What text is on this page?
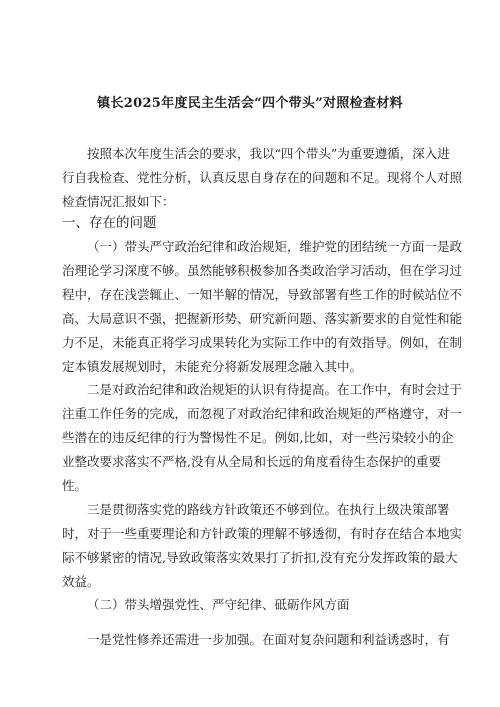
镇长2025年度民主生活会“四个带头”对照检查材料
按照本次年度生活会的要求，我以“四个带头”为重要遵循，深入进行自我检查、党性分析，认真反思自身存在的问题和不足。现将个人对照检查情况汇报如下：
一、存在的问题
（一）带头严守政治纪律和政治规矩，维护党的团结统一方面一是政治理论学习深度不够。虽然能够积极参加各类政治学习活动，但在学习过程中，存在浅尝辄止、一知半解的情况，导致部署有些工作的时候站位不高、大局意识不强，把握新形势、研究新问题、落实新要求的自觉性和能力不足，未能真正将学习成果转化为实际工作中的有效指导。例如，在制定本镇发展规划时，未能充分将新发展理念融入其中。
二是对政治纪律和政治规矩的认识有待提高。在工作中，有时会过于注重工作任务的完成，而忽视了对政治纪律和政治规矩的严格遵守，对一些潜在的违反纪律的行为警惕性不足。例如,比如，对一些污染较小的企业整改要求落实不严格,没有从全局和长远的角度看待生态保护的重要性。
三是贯彻落实党的路线方针政策还不够到位。在执行上级决策部署时，对于一些重要理论和方针政策的理解不够透彻，有时存在结合本地实际不够紧密的情况,导致政策落实效果打了折扣,没有充分发挥政策的最大效益。
（二）带头增强党性、严守纪律、砥砺作风方面
一是党性修养还需进一步加强。在面对复杂问题和利益诱惑时，有
